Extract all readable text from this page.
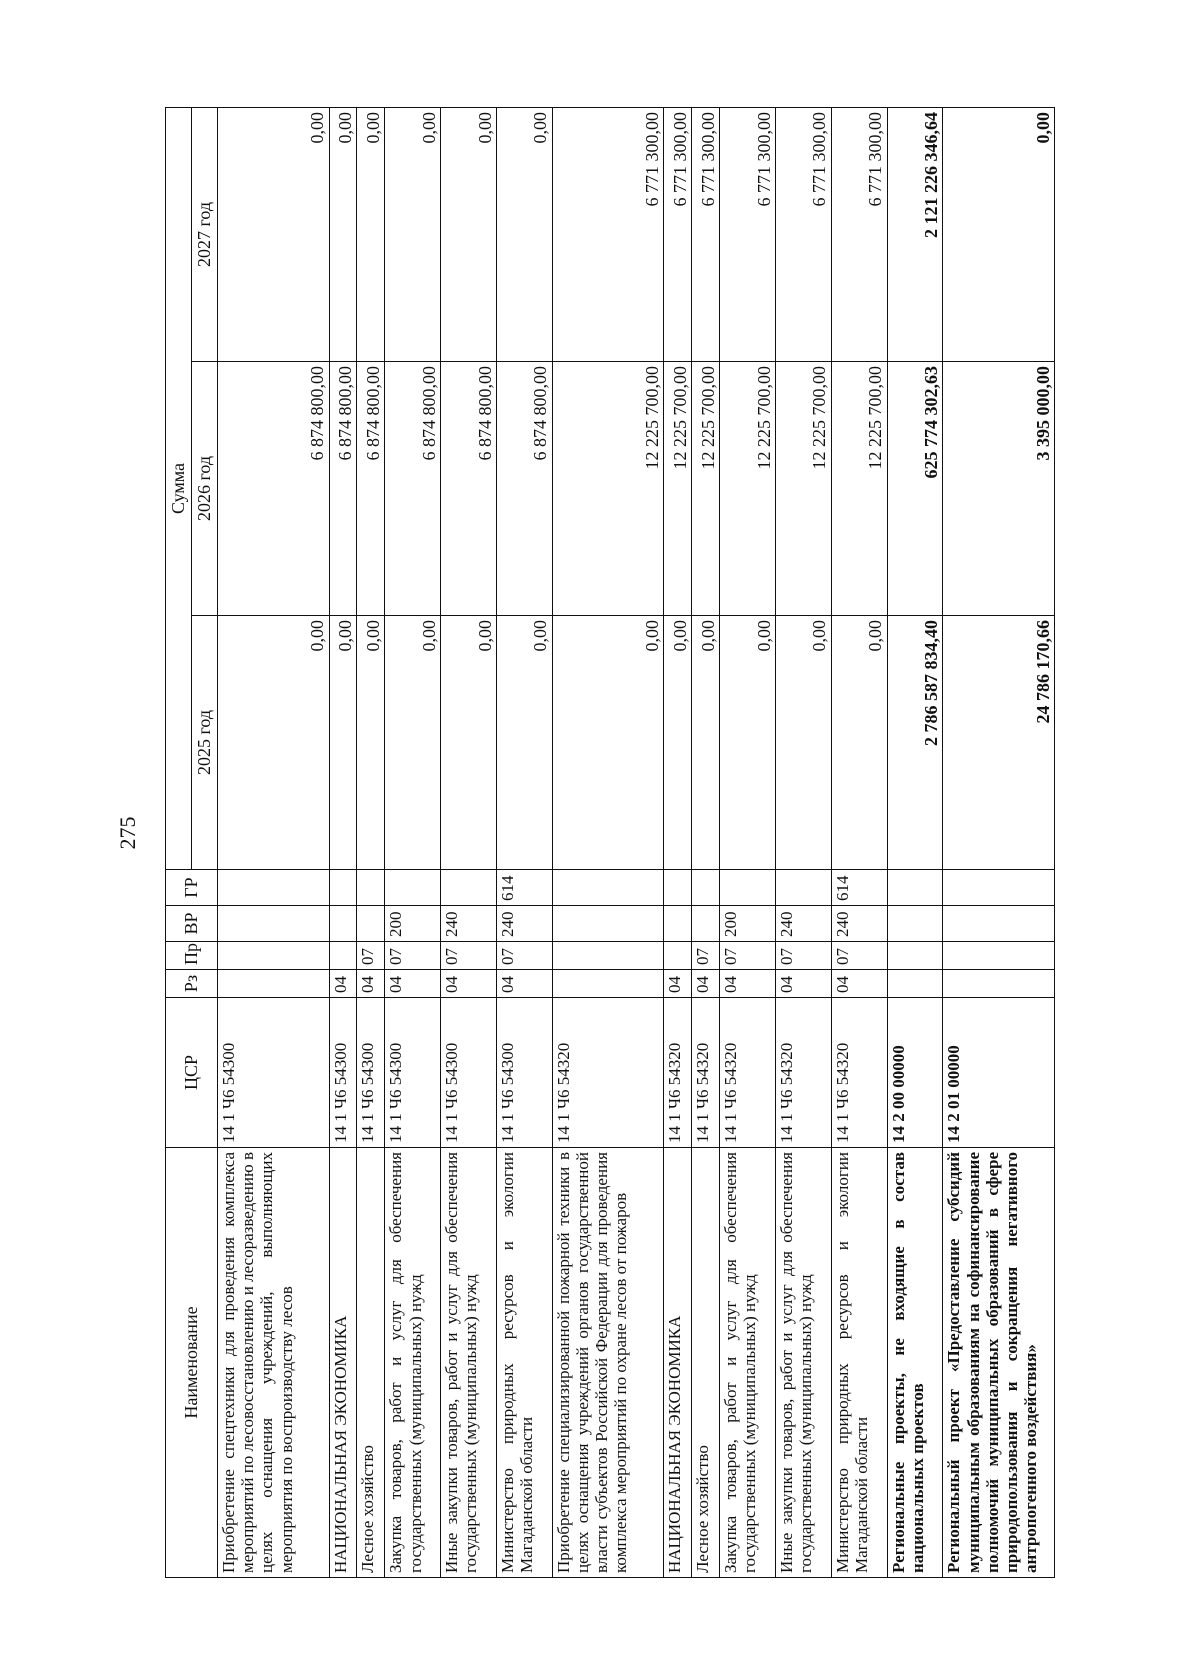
275
Наименование	ЦСР	Рз	Пр	ВР	ГР	Сумма		
						2025 год	2026 год	2027 год
Приобретение спецтехники для проведения комплекса мероприятий по лесовосстановлению и лесоразведению в целях оснащения учреждений, выполняющих мероприятия по воспроизводству лесов	14 1 Ч6 54300					0,00	6 874 800,00	0,00
НАЦИОНАЛЬНАЯ ЭКОНОМИКА	14 1 Ч6 54300	04				0,00	6 874 800,00	0,00
Лесное хозяйство	14 1 Ч6 54300	04	07			0,00	6 874 800,00	0,00
Закупка товаров, работ и услуг для обеспечения государственных (муниципальных) нужд	14 1 Ч6 54300	04	07	200		0,00	6 874 800,00	0,00
Иные закупки товаров, работ и услуг для обеспечения государственных (муниципальных) нужд	14 1 Ч6 54300	04	07	240		0,00	6 874 800,00	0,00
Министерство природных ресурсов и экологии Магаданской области	14 1 Ч6 54300	04	07	240	614	0,00	6 874 800,00	0,00
Приобретение специализированной пожарной техники в целях оснащения учреждений органов государственной власти субъектов Российской Федерации для проведения комплекса мероприятий по охране лесов от пожаров	14 1 Ч6 54320					0,00	12 225 700,00	6 771 300,00
НАЦИОНАЛЬНАЯ ЭКОНОМИКА	14 1 Ч6 54320	04				0,00	12 225 700,00	6 771 300,00
Лесное хозяйство	14 1 Ч6 54320	04	07			0,00	12 225 700,00	6 771 300,00
Закупка товаров, работ и услуг для обеспечения государственных (муниципальных) нужд	14 1 Ч6 54320	04	07	200		0,00	12 225 700,00	6 771 300,00
Иные закупки товаров, работ и услуг для обеспечения государственных (муниципальных) нужд	14 1 Ч6 54320	04	07	240		0,00	12 225 700,00	6 771 300,00
Министерство природных ресурсов и экологии Магаданской области	14 1 Ч6 54320	04	07	240	614	0,00	12 225 700,00	6 771 300,00
Региональные проекты, не входящие в состав национальных проектов	14 2 00 00000					2 786 587 834,40	625 774 302,63	2 121 226 346,64
Региональный проект «Предоставление субсидий муниципальным образованиям на софинансирование полномочий муниципальных образований в сфере природопользования и сокращения негативного антропогенного воздействия»	14 2 01 00000					24 786 170,66	3 395 000,00	0,00
